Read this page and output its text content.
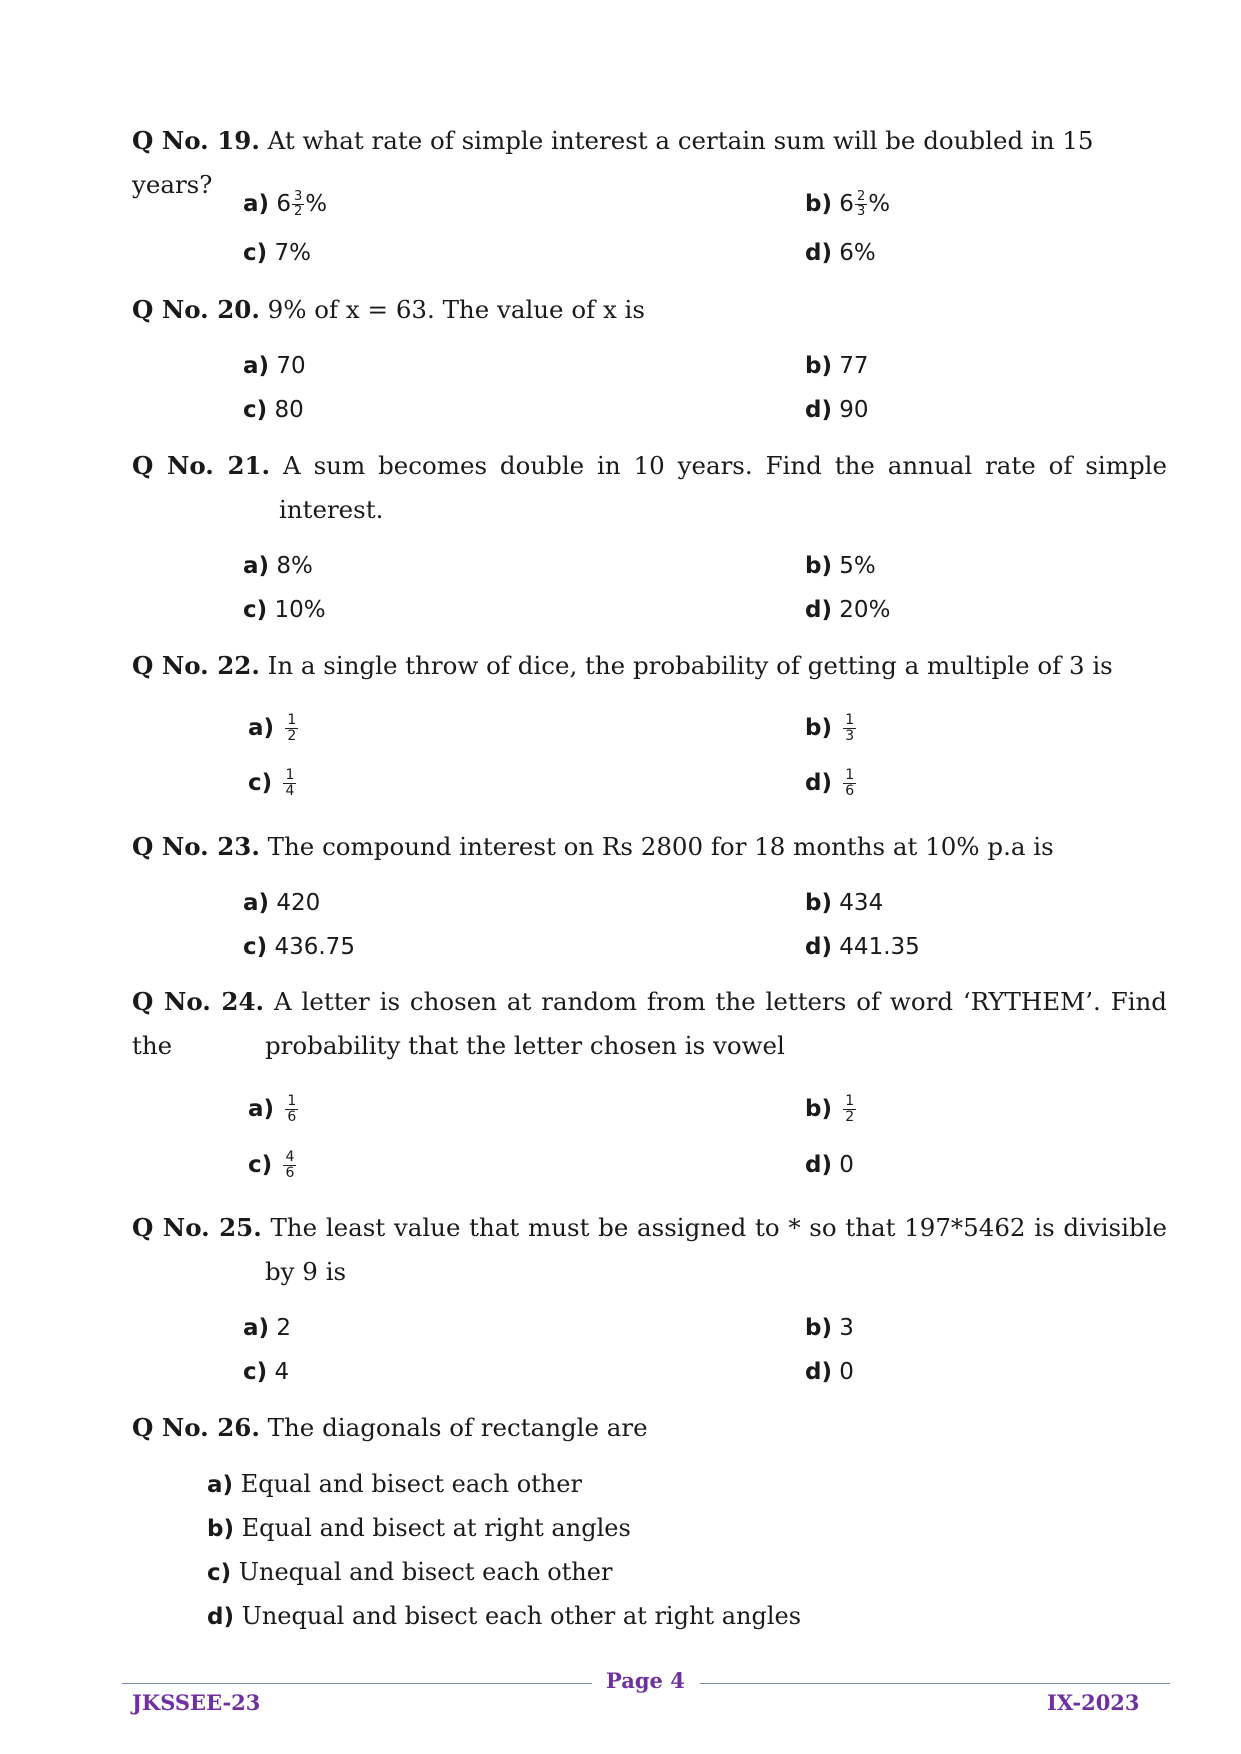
Q No. 19. At what rate of simple interest a certain sum will be doubled in 15 years?
a) $6 \frac{3}{2}$ %	b) $6 \frac{2}{3}$ %
c) 7%	d) 6%
Q No. 20. 9% of x = 63. The value of x is
a) 70	b) 77
c) 80	d) 90
Q No. 21. A sum becomes double in 10 years. Find the annual rate of simple
interest.
a) 8%	b) 5%
c) 10%	d) 20%
Q No. 22. In a single throw of dice, the probability of getting a multiple of 3 is
$a) \frac{1}{2}$	$b) \frac{1}{3}$
$c) \frac{1}{4}$	$d) \frac{1}{6}$
Q No. 23. The compound interest on Rs 2800 for 18 months at 10% p.a is
a) 420	b) 434
c) 436.75	d) 441.35
Q No. 24. A letter is chosen at random from the letters of word ‘RYTHEM’. Find the	probability that the letter chosen is vowel
$a) \frac{1}{6}$	$b) \frac{1}{2}$
$c) \frac{4}{6}$	d) 0
Q No. 25. The least value that must be assigned to * so that 197*5462 is divisible
by 9 is
a) 2	b) 3
c) 4	d) 0
Q No. 26. The diagonals of rectangle are
a) Equal and bisect each other
b) Equal and bisect at right angles
c) Unequal and bisect each other
d) Unequal and bisect each other at right angles
JKSSEE-23
Page 4
IX-2023
